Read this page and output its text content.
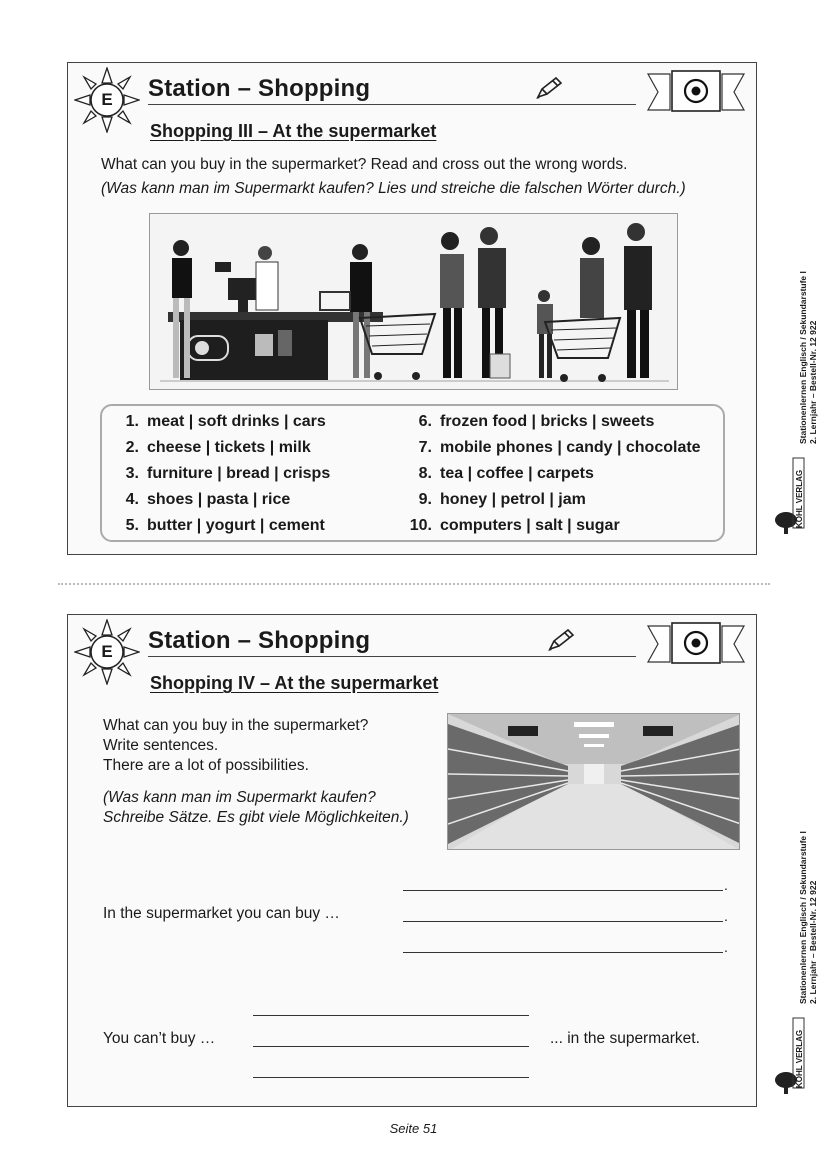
E	Station – Shopping
Shopping III – At the supermarket
What can you buy in the supermarket? Read and cross out the wrong words.
(Was kann man im Supermarkt kaufen? Lies und streiche die falschen Wörter durch.)
1. meat | soft drinks | cars
2. cheese | tickets | milk
3. furniture | bread | crisps
4. shoes | pasta | rice
5. butter | yogurt | cement
6. frozen food | bricks | sweets
7. mobile phones | candy | chocolate
8. tea | coffee | carpets
9. honey | petrol | jam
10. computers | salt | sugar
Stationenlernen Englisch / Sekundarstufe I 2. Lernjahr – Bestell-Nr. 12 922
KOHL VERLAG
E	Station – Shopping
Shopping IV – At the supermarket
What can you buy in the supermarket?
Write sentences.
There are a lot of possibilities.
(Was kann man im Supermarkt kaufen?
Schreibe Sätze. Es gibt viele Möglichkeiten.)
.
In the supermarket you can buy …	.
.
You can’t buy …	... in the supermarket.
Stationenlernen Englisch / Sekundarstufe I 2. Lernjahr – Bestell-Nr. 12 922
KOHL VERLAG
Seite 51
